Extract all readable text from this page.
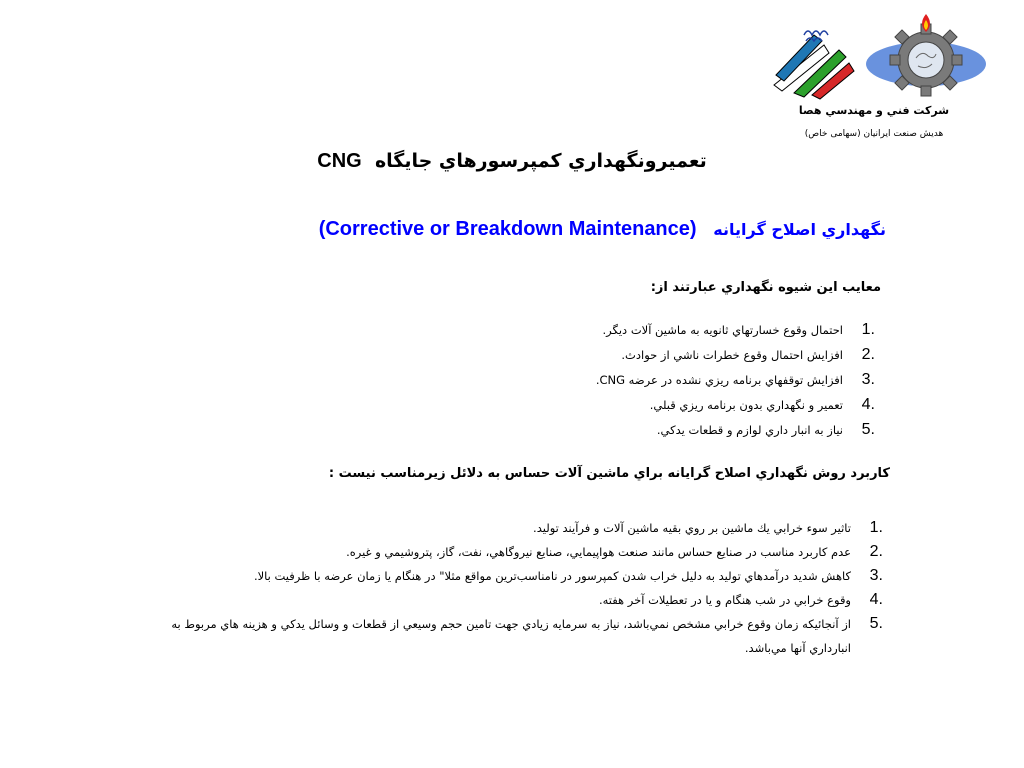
شركت فني و مهندسي هصا
هدیش صنعت ایرانیان (سهامی خاص)
تعميرونگهداري كمپرسورهاي جايگاه  CNG
نگهداري اصلاح گرايانه   (Corrective or Breakdown Maintenance)
معايب اين شيوه نگهداري عبارتند از:
1.
احتمال وقوع خسارتهاي ثانويه به ماشين آلات ديگر.
2.
افزايش احتمال وقوع خطرات ناشي از حوادث.
3.
افزايش توقفهاي برنامه ريزي نشده در عرضه CNG.
4.
تعمير و نگهداري بدون برنامه ريزي قبلي.
5.
نياز به انبار داري لوازم و قطعات يدكي.
كاربرد روش نگهداري اصلاح گرايانه براي ماشين آلات حساس به دلائل زيرمناسب نيست :
1.
تاثير سوء خرابي يك ماشين بر روي بقيه ماشين آلات و فرآيند توليد.
2.
عدم كاربرد مناسب در صنايع حساس مانند صنعت هواپيمايي، صنايع نيروگاهي، نفت، گاز، پتروشيمي و غيره.
3.
كاهش شديد درآمدهاي توليد به دليل خراب شدن كمپرسور در نامناسب‌ترين مواقع مثلا" در هنگام يا زمان عرضه با ظرفيت بالا.
4.
وقوع خرابي در شب هنگام و يا در تعطيلات آخر هفته.
5.
از آنجائيكه زمان وقوع خرابي مشخص نمي‌باشد، نياز به سرمايه زيادي جهت تامين حجم وسيعي از قطعات و وسائل يدكي و هزينه هاي مربوط به انبارداري آنها مي‌باشد.
